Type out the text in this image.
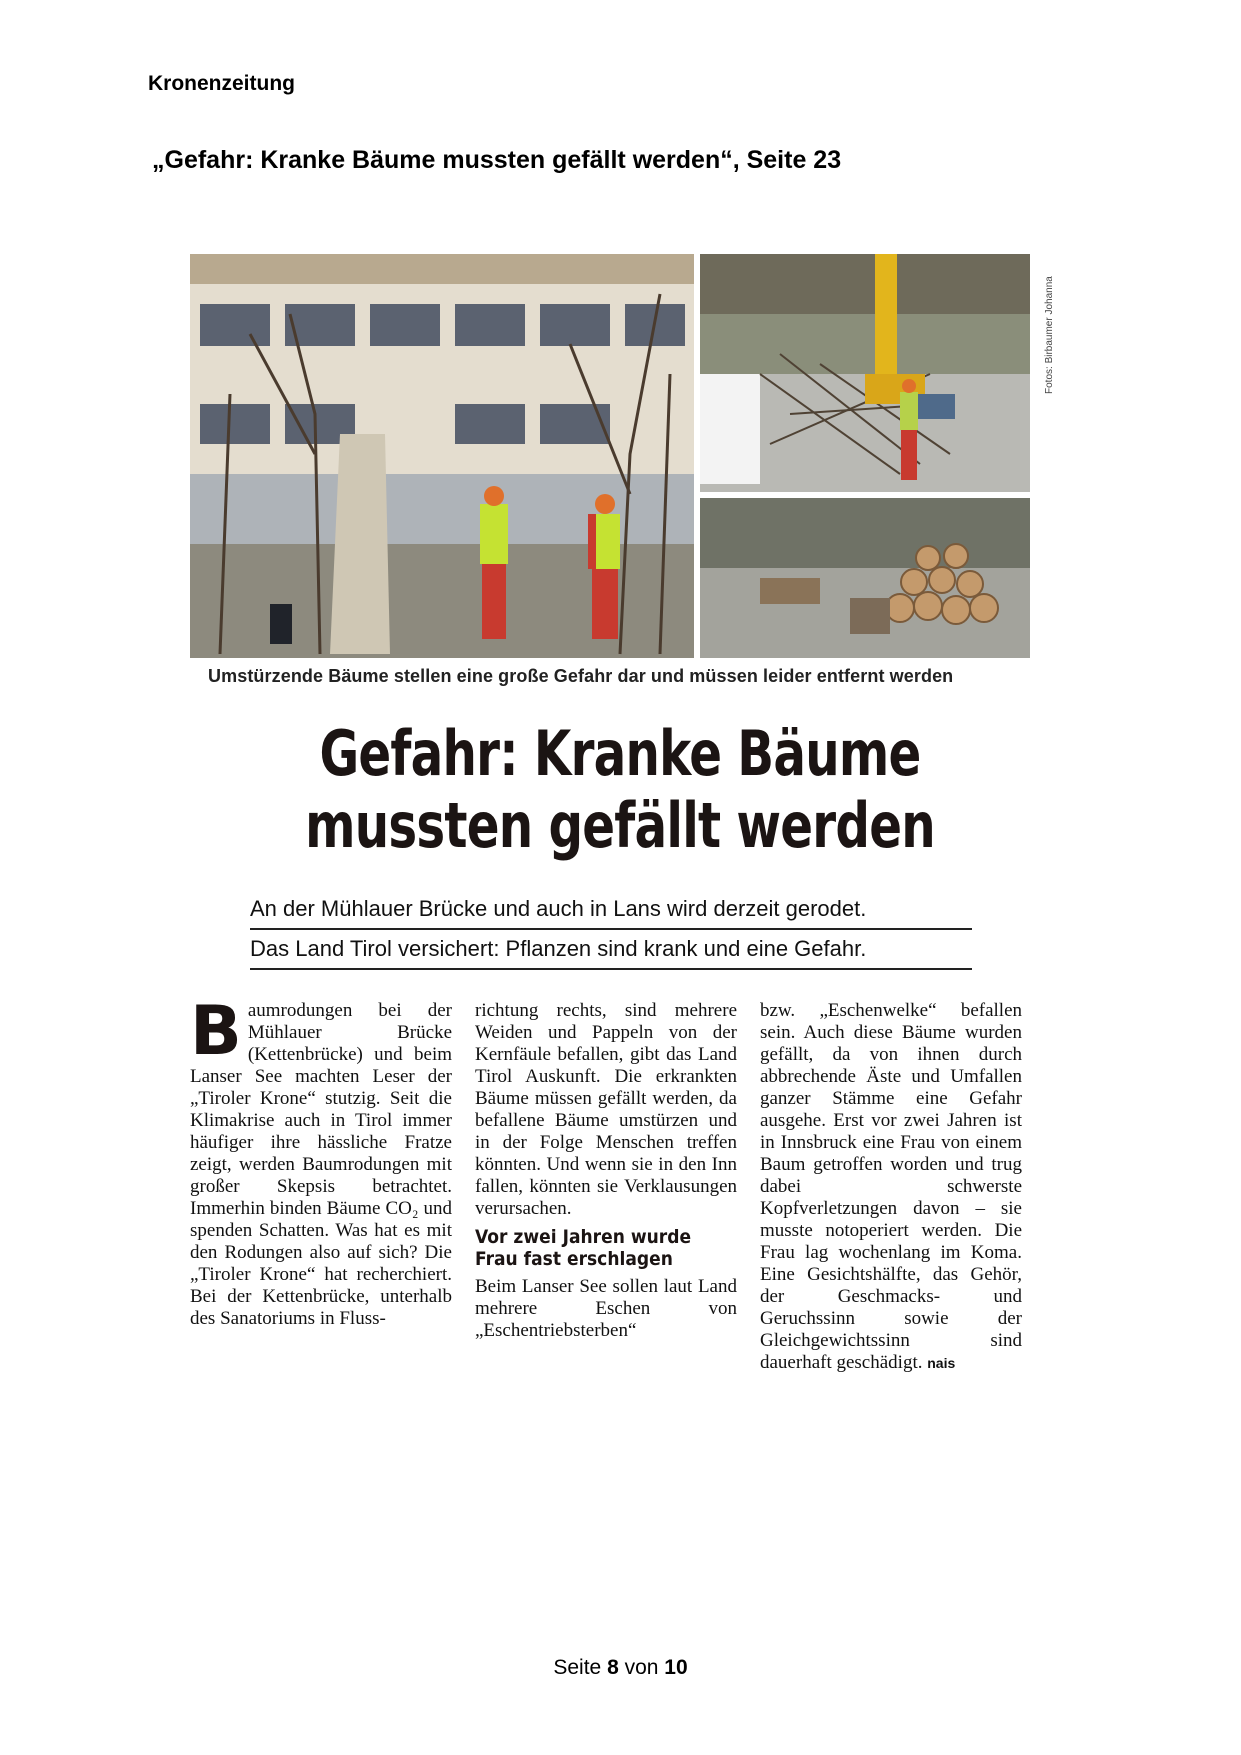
Kronenzeitung
„Gefahr: Kranke Bäume mussten gefällt werden“, Seite 23
Fotos: Birbaumer Johanna
Umstürzende Bäume stellen eine große Gefahr dar und müssen leider entfernt werden
Gefahr: Kranke Bäume
mussten gefällt werden
An der Mühlauer Brücke und auch in Lans wird derzeit gerodet.
Das Land Tirol versichert: Pflanzen sind krank und eine Gefahr.
B aumrodungen bei der Mühlauer Brücke (Kettenbrücke) und beim Lanser See machten Leser der „Tiroler Krone“ stutzig. Seit die Klimakrise auch in Tirol immer häufiger ihre hässliche Fratze zeigt, werden Baumrodungen mit großer Skepsis betrachtet. Immerhin binden Bäume CO₂ und spenden Schatten. Was hat es mit den Rodungen also auf sich? Die „Tiroler Krone“ hat recherchiert. Bei der Kettenbrücke, unterhalb des Sanatoriums in Fluss-
richtung rechts, sind mehrere Weiden und Pappeln von der Kernfäule befallen, gibt das Land Tirol Auskunft. Die erkrankten Bäume müssen gefällt werden, da befallene Bäume umstürzen und in der Folge Menschen treffen könnten. Und wenn sie in den Inn fallen, könnten sie Verklausungen verursachen.
Vor zwei Jahren wurde Frau fast erschlagen
Beim Lanser See sollen laut Land mehrere Eschen von „Eschentriebsterben“
bzw. „Eschenwelke“ befallen sein. Auch diese Bäume wurden gefällt, da von ihnen durch abbrechende Äste und Umfallen ganzer Stämme eine Gefahr ausgehe. Erst vor zwei Jahren ist in Innsbruck eine Frau von einem Baum getroffen worden und trug dabei schwerste Kopfverletzungen davon – sie musste notoperiert werden. Die Frau lag wochenlang im Koma. Eine Gesichtshälfte, das Gehör, der Geschmacks- und Geruchssinn sowie der Gleichgewichtssinn sind dauerhaft geschädigt. nais
Seite 8 von 10
